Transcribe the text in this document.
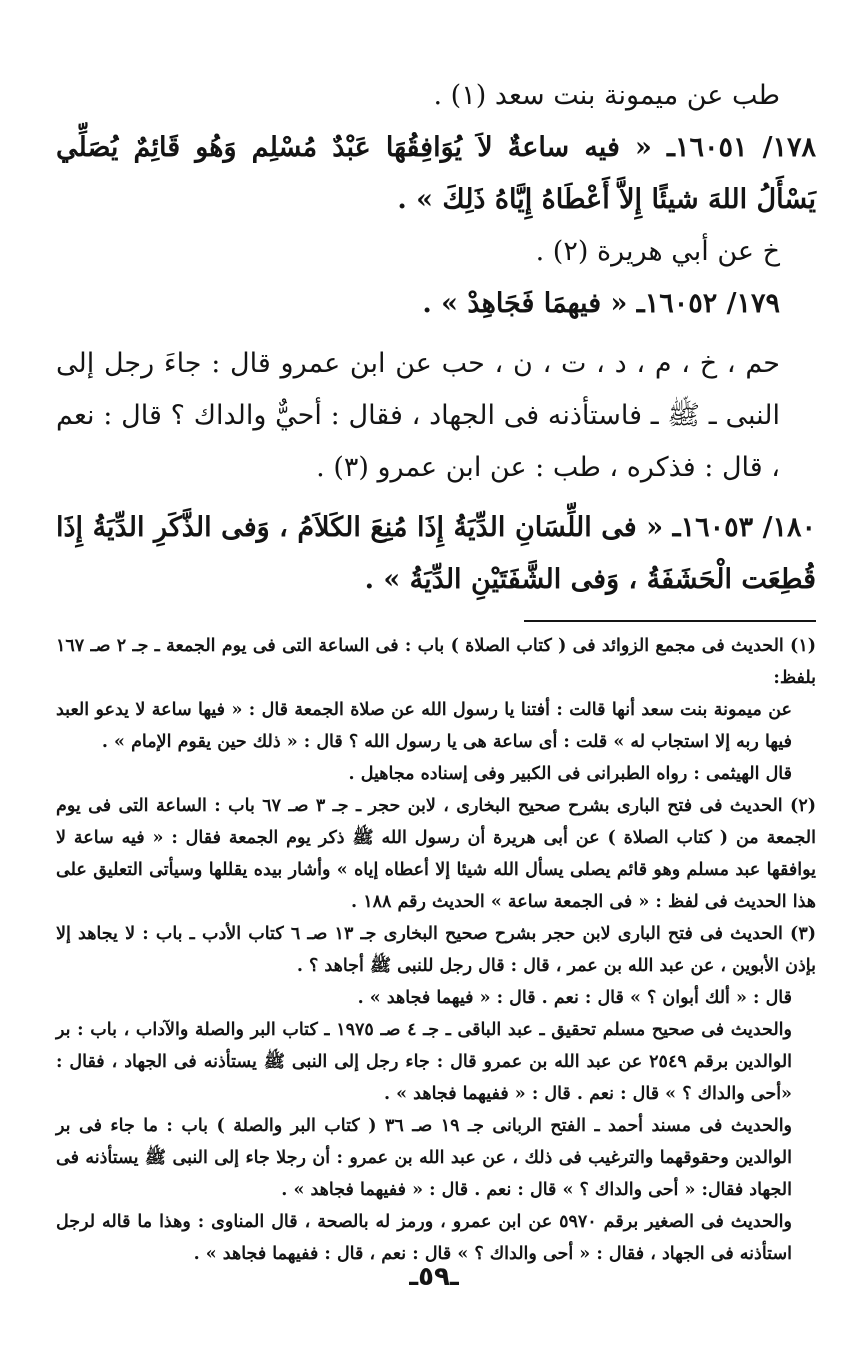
طب عن ميمونة بنت سعد (١) .

١٧٨/ ١٦٠٥١ـ « فيه ساعةٌ لاَ يُوَافِقُهَا عَبْدٌ مُسْلِم وَهُو قَائِمٌ يُصَلِّي يَسْأَلُ اللهَ شيئًا إِلاَّ أَعْطَاهُ إِيَّاهُ ذَلِكَ » .

خ عن أبي هريرة (٢) .

١٧٩/ ١٦٠٥٢ـ « فيهمَا فَجَاهِدْ » .

حم ، خ ، م ، د ، ت ، ن ، حب عن ابن عمرو قال : جاءَ رجل إلى النبى ـ ﷺ ـ فاستأذنه فى الجهاد ، فقال : أحيٌّ والداك ؟ قال : نعم ، قال : فذكره ، طب : عن ابن عمرو (٣) .

١٨٠/ ١٦٠٥٣ـ « فى اللِّسَانِ الدِّيَةُ إِذَا مُنِعَ الكَلاَمُ ، وَفى الذَّكَرِ الدِّيَةُ إِذَا قُطِعَت الْحَشَفَةُ ، وَفى الشَّفَتَيْنِ الدِّيَةُ » .

(١) الحديث فى مجمع الزوائد فى ( كتاب الصلاة ) باب : فى الساعة التى فى يوم الجمعة ـ جـ ٢ صـ ١٦٧ بلفظ:

عن ميمونة بنت سعد أنها قالت : أفتنا يا رسول الله عن صلاة الجمعة قال : « فيها ساعة لا يدعو العبد فيها ربه إلا استجاب له » قلت : أى ساعة هى يا رسول الله ؟ قال : « ذلك حين يقوم الإمام » .

قال الهيثمى : رواه الطبرانى فى الكبير وفى إسناده مجاهيل .

(٢) الحديث فى فتح البارى بشرح صحيح البخارى ، لابن حجر ـ جـ ٣ صـ ٦٧ باب : الساعة التى فى يوم الجمعة من ( كتاب الصلاة ) عن أبى هريرة أن رسول الله ﷺ ذكر يوم الجمعة فقال : « فيه ساعة لا يوافقها عبد مسلم وهو قائم يصلى يسأل الله شيئا إلا أعطاه إياه » وأشار بيده يقللها وسيأتى التعليق على هذا الحديث فى لفظ : « فى الجمعة ساعة » الحديث رقم ١٨٨ .

(٣) الحديث فى فتح البارى لابن حجر بشرح صحيح البخارى جـ ١٣ صـ ٦ كتاب الأدب ـ باب : لا يجاهد إلا بإذن الأبوين ، عن عبد الله بن عمر ، قال : قال رجل للنبى ﷺ أجاهد ؟ .

قال : « ألك أبوان ؟ » قال : نعم . قال : « فيهما فجاهد » .

والحديث فى صحيح مسلم تحقيق ـ عبد الباقى ـ جـ ٤ صـ ١٩٧٥ ـ كتاب البر والصلة والآداب ، باب : بر الوالدين برقم ٢٥٤٩ عن عبد الله بن عمرو قال : جاء رجل إلى النبى ﷺ يستأذنه فى الجهاد ، فقال : «أحى والداك ؟ » قال : نعم . قال : « ففيهما فجاهد » .

والحديث فى مسند أحمد ـ الفتح الربانى جـ ١٩ صـ ٣٦ ( كتاب البر والصلة ) باب : ما جاء فى بر الوالدين وحقوقهما والترغيب فى ذلك ، عن عبد الله بن عمرو : أن رجلا جاء إلى النبى ﷺ يستأذنه فى الجهاد فقال: « أحى والداك ؟ » قال : نعم . قال : « ففيهما فجاهد » .

والحديث فى الصغير برقم ٥٩٧٠ عن ابن عمرو ، ورمز له بالصحة ، قال المناوى : وهذا ما قاله لرجل استأذنه فى الجهاد ، فقال : « أحى والداك ؟ » قال : نعم ، قال : ففيهما فجاهد » .

ـ٥٩ـ
